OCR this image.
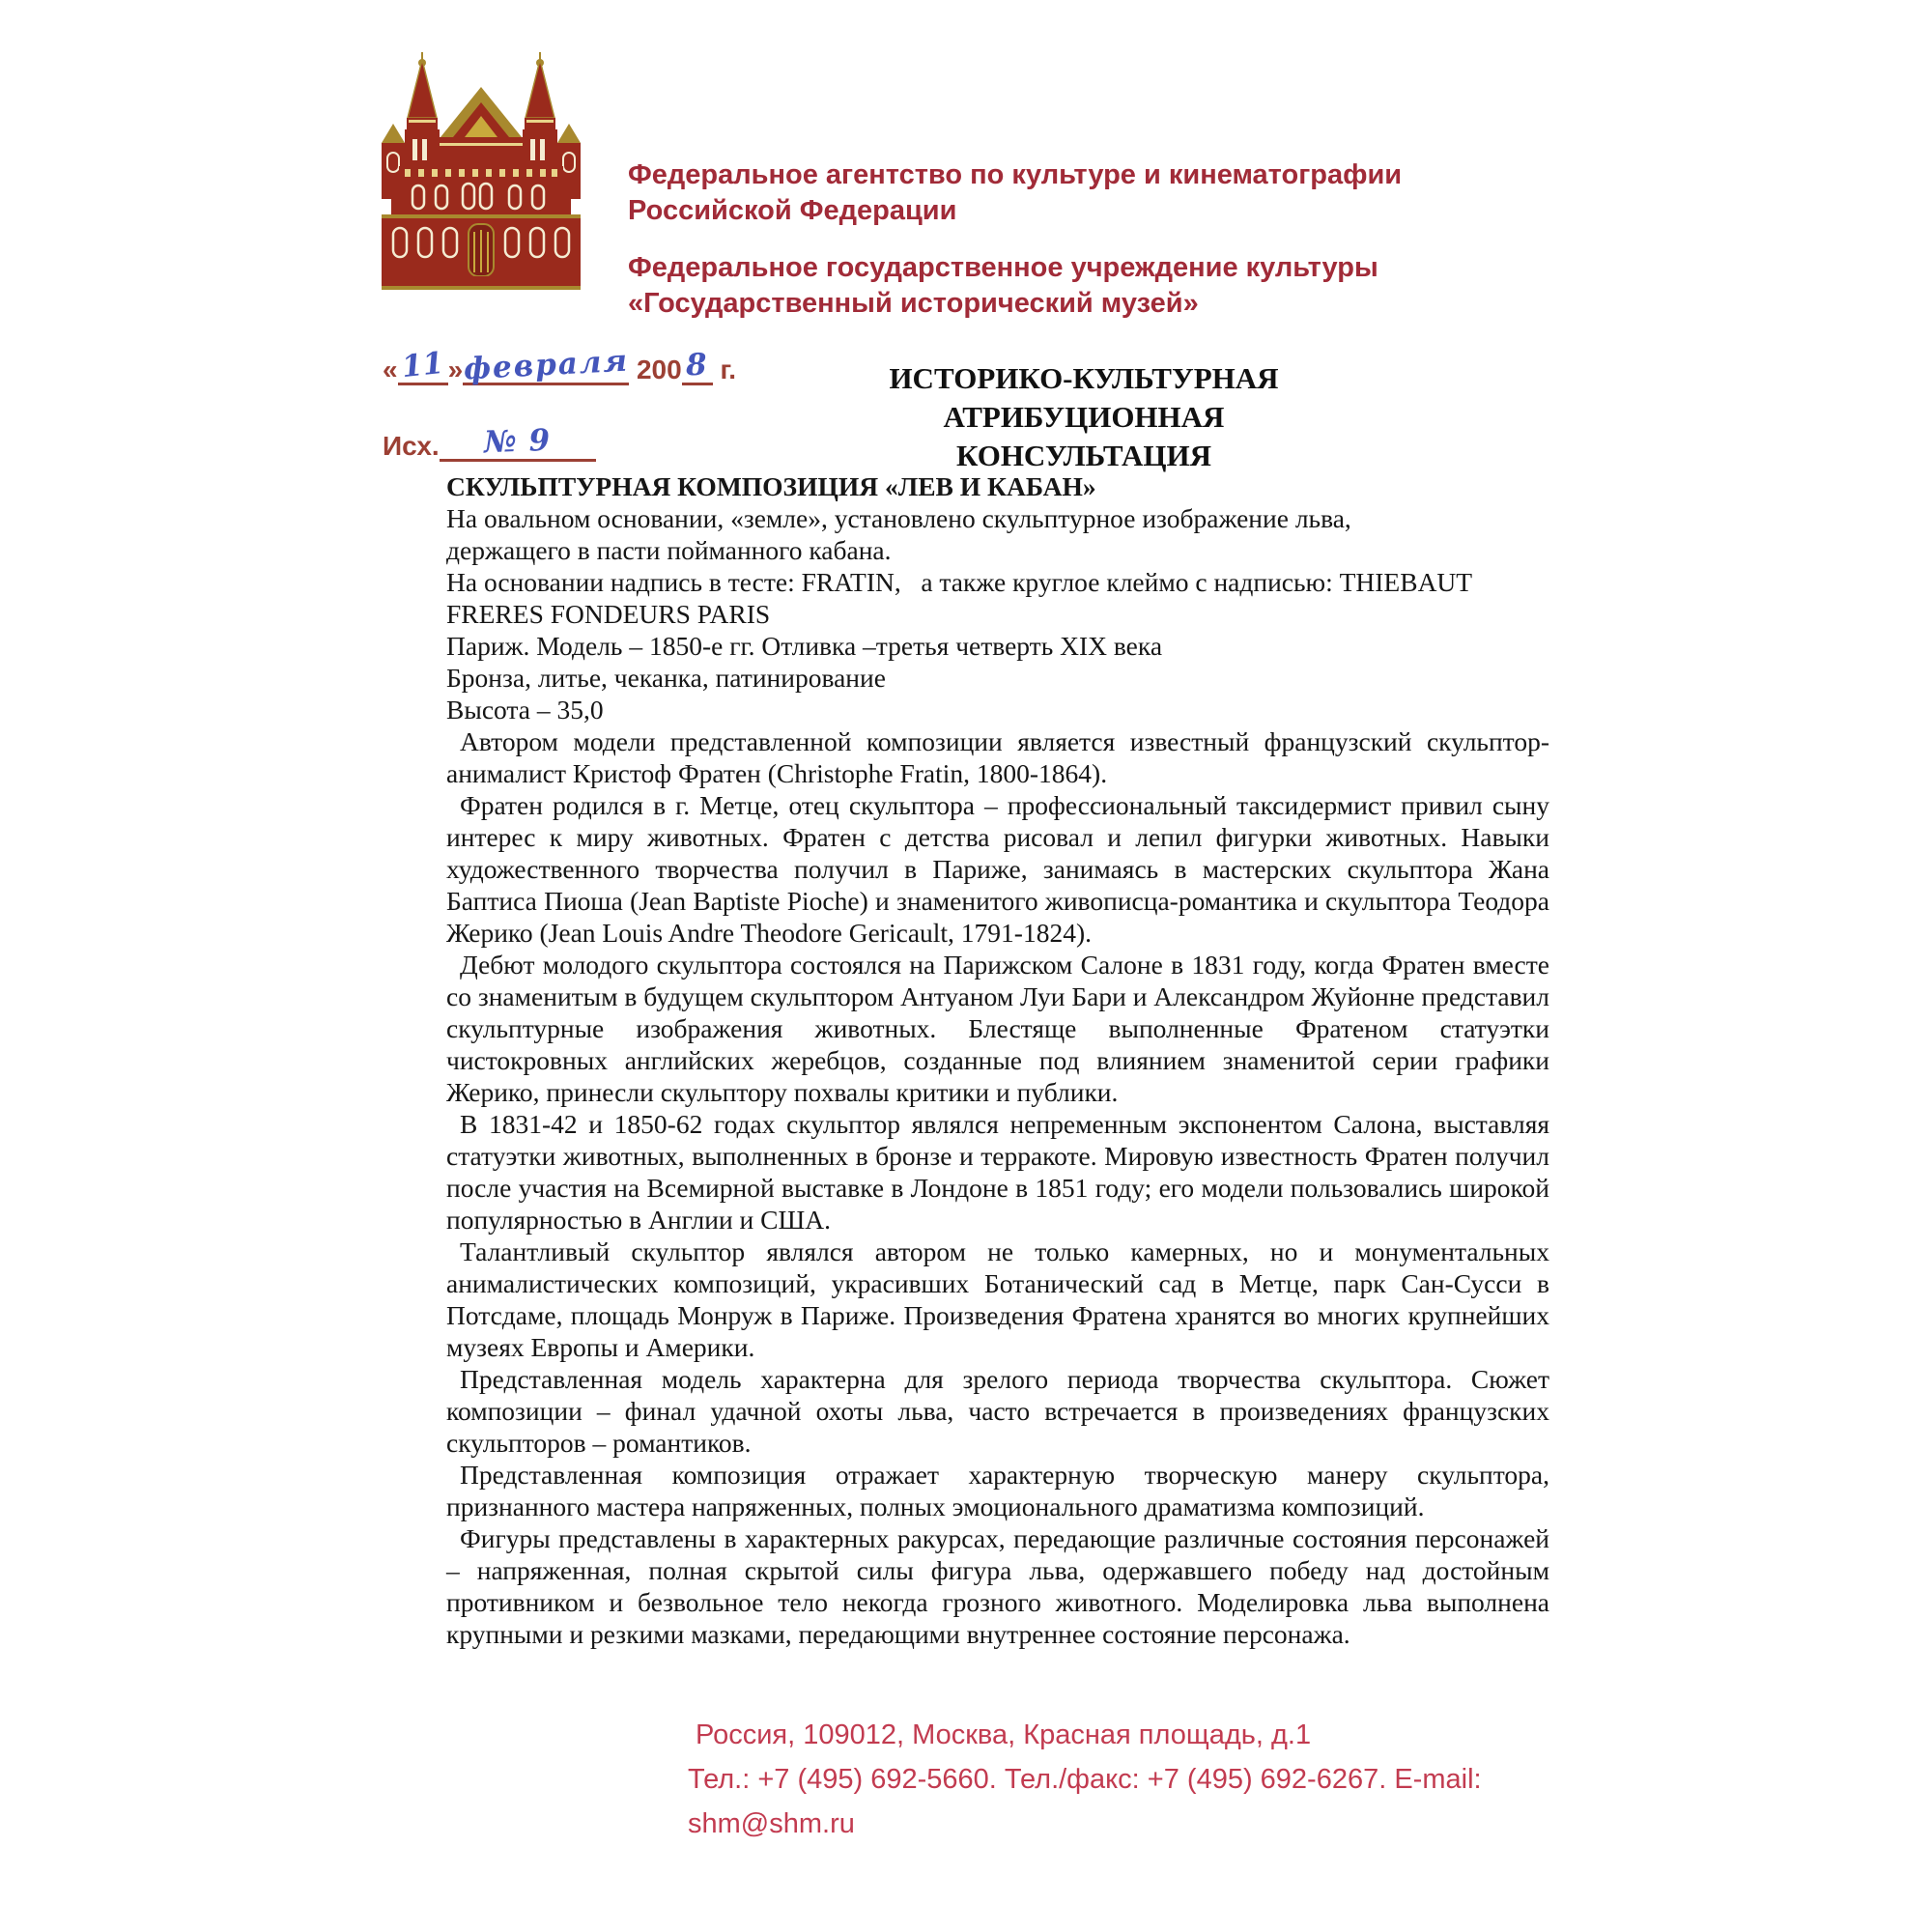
Федеральное агентство по культуре и кинематографии
Российской Федерации
Федеральное государственное учреждение культуры
«Государственный исторический музей»
«11»февраля 200 8 г.
Исх. № 9
ИСТОРИКО-КУЛЬТУРНАЯ АТРИБУЦИОННАЯ
КОНСУЛЬТАЦИЯ
СКУЛЬПТУРНАЯ КОМПОЗИЦИЯ «ЛЕВ И КАБАН»
На овальном основании, «земле», установлено скульптурное изображение льва,
держащего в пасти пойманного кабана.
На основании надпись в тесте: FRATIN,   а также круглое клеймо с надписью: THIEBAUT
FRERES FONDEURS PARIS
Париж. Модель – 1850-е гг. Отливка –третья четверть XIX века
Бронза, литье, чеканка, патинирование
Высота – 35,0

Автором модели представленной композиции является известный французский скульптор-анималист Кристоф Фратен (Christophe Fratin, 1800-1864).

Фратен родился в г. Метце, отец скульптора – профессиональный таксидермист привил сыну интерес к миру животных. Фратен с детства рисовал и лепил фигурки животных. Навыки художественного творчества получил в Париже, занимаясь в мастерских скульптора Жана Баптиса Пиоша (Jean Baptiste Pioche) и знаменитого живописца-романтика и скульптора Теодора Жерико (Jean Louis Andre Theodore Gericault, 1791-1824).

Дебют молодого скульптора состоялся на Парижском Салоне в 1831 году, когда Фратен вместе со знаменитым в будущем скульптором Антуаном Луи Бари и Александром Жуйонне представил скульптурные изображения животных. Блестяще выполненные Фратеном статуэтки чистокровных английских жеребцов, созданные под влиянием знаменитой серии графики Жерико, принесли скульптору похвалы критики и публики.

В 1831-42 и 1850-62 годах скульптор являлся непременным экспонентом Салона, выставляя статуэтки животных, выполненных в бронзе и терракоте. Мировую известность Фратен получил после участия на Всемирной выставке в Лондоне в 1851 году; его модели пользовались широкой популярностью в Англии и США.

Талантливый скульптор являлся автором не только камерных, но и монументальных анималистических композиций, украсивших Ботанический сад в Метце, парк Сан-Сусси в Потсдаме, площадь Монруж в Париже. Произведения Фратена хранятся во многих крупнейших музеях Европы и Америки.

Представленная модель характерна для зрелого периода творчества скульптора. Сюжет композиции – финал удачной охоты льва, часто встречается в произведениях французских скульпторов – романтиков.

Представленная композиция отражает характерную творческую манеру скульптора, признанного мастера напряженных, полных эмоционального драматизма композиций.

Фигуры представлены в характерных ракурсах, передающие различные состояния персонажей – напряженная, полная скрытой силы фигура льва, одержавшего победу над достойным противником и безвольное тело некогда грозного животного. Моделировка льва выполнена крупными и резкими мазками, передающими внутреннее состояние персонажа.

Россия, 109012, Москва, Красная площадь, д.1
Тел.: +7 (495) 692-5660. Тел./факс: +7 (495) 692-6267. E-mail: shm@shm.ru
